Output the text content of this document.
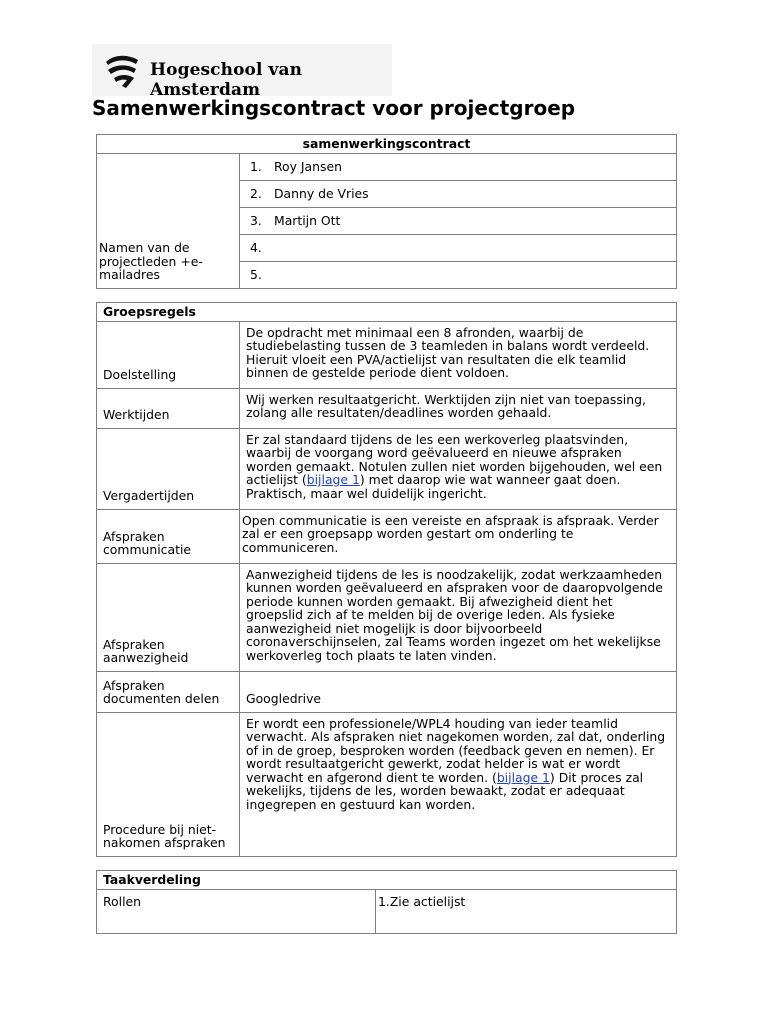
Hogeschool van Amsterdam
Samenwerkingscontract voor projectgroep
samenwerkingscontract
Namen van de projectleden +e-mailadres	1. Roy Jansen
2. Danny de Vries
3. Martijn Ott
4.
5.
Groepsregels	
Doelstelling	De opdracht met minimaal een 8 afronden, waarbij de studiebelasting tussen de 3 teamleden in balans wordt verdeeld. Hieruit vloeit een PVA/actielijst van resultaten die elk teamlid binnen de gestelde periode dient voldoen.
Werktijden	Wij werken resultaatgericht. Werktijden zijn niet van toepassing, zolang alle resultaten/deadlines worden gehaald.
Vergadertijden	Er zal standaard tijdens de les een werkoverleg plaatsvinden, waarbij de voorgang word geëvalueerd en nieuwe afspraken worden gemaakt. Notulen zullen niet worden bijgehouden, wel een actielijst (bijlage 1) met daarop wie wat wanneer gaat doen. Praktisch, maar wel duidelijk ingericht.
Afspraken communicatie	Open communicatie is een vereiste en afspraak is afspraak. Verder zal er een groepsapp worden gestart om onderling te communiceren.
Afspraken aanwezigheid	Aanwezigheid tijdens de les is noodzakelijk, zodat werkzaamheden kunnen worden geëvalueerd en afspraken voor de daaropvolgende periode kunnen worden gemaakt. Bij afwezigheid dient het groepslid zich af te melden bij de overige leden. Als fysieke aanwezigheid niet mogelijk is door bijvoorbeeld coronaverschijnselen, zal Teams worden ingezet om het wekelijkse werkoverleg toch plaats te laten vinden.
Afspraken documenten delen	Googledrive
Procedure bij niet-nakomen afspraken	Er wordt een professionele/WPL4 houding van ieder teamlid verwacht. Als afspraken niet nagekomen worden, zal dat, onderling of in de groep, besproken worden (feedback geven en nemen). Er wordt resultaatgericht gewerkt, zodat helder is wat er wordt verwacht en afgerond dient te worden. (bijlage 1) Dit proces zal wekelijks, tijdens de les, worden bewaakt, zodat er adequaat ingegrepen en gestuurd kan worden.
Taakverdeling
Rollen	1.Zie actielijst
